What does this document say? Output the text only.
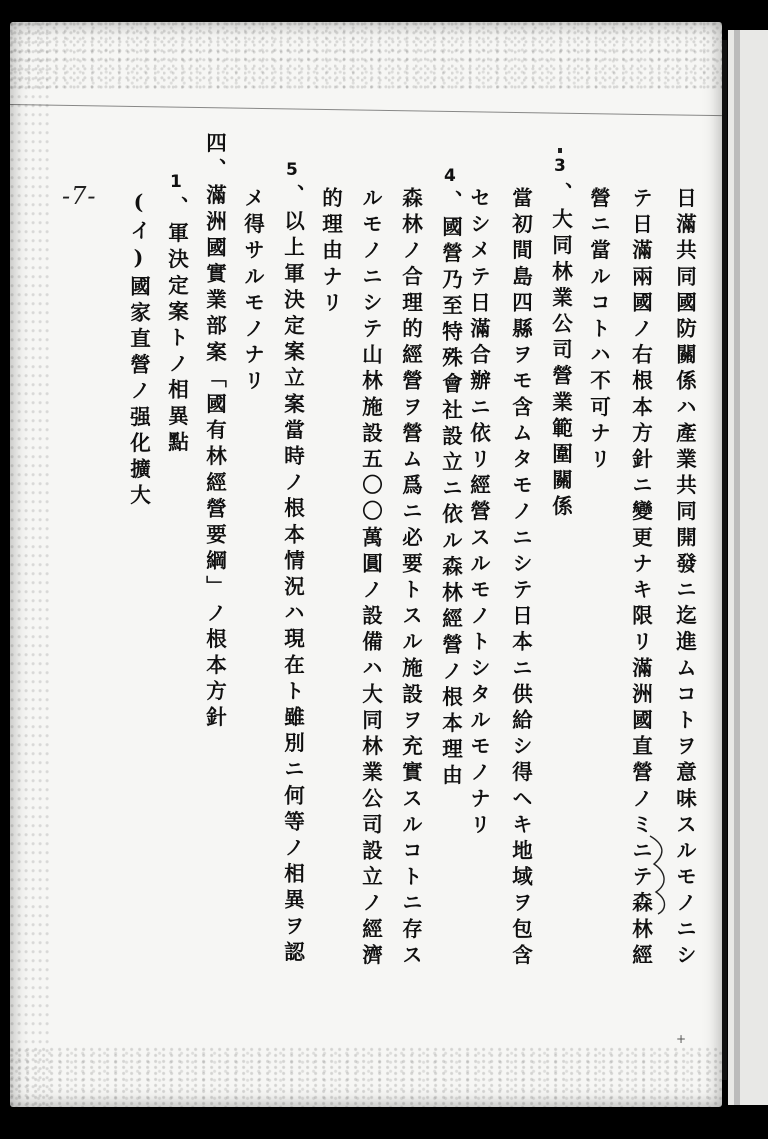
-7-	日滿共同國防關係ハ產業共同開發ニ迄進ムコトヲ意味スルモノニシ
テ日滿兩國ノ右根本方針ニ變更ナキ限リ滿洲國直營ノミニテ森林經
營ニ當ルコトハ不可ナリ
3
、大同林業公司營業範圍關係
當初間島四縣ヲモ含ムタモノニシテ日本ニ供給シ得ヘキ地域ヲ包含
セシメテ日滿合辦ニ依リ經營スルモノトシタルモノナリ
4
、國營乃至特殊會社設立ニ依ル森林經營ノ根本理由
森林ノ合理的經營ヲ營ム爲ニ必要トスル施設ヲ充實スルコトニ存ス
ルモノニシテ山林施設五〇〇萬圓ノ設備ハ大同林業公司設立ノ經濟
的理由ナリ
5
、以上軍決定案立案當時ノ根本情況ハ現在ト雖別ニ何等ノ相異ヲ認
メ得サルモノナリ
四、滿洲國實業部案「國有林經營要綱」ノ根本方針
1
、軍決定案トノ相異點
(イ)國家直營ノ强化擴大
+
